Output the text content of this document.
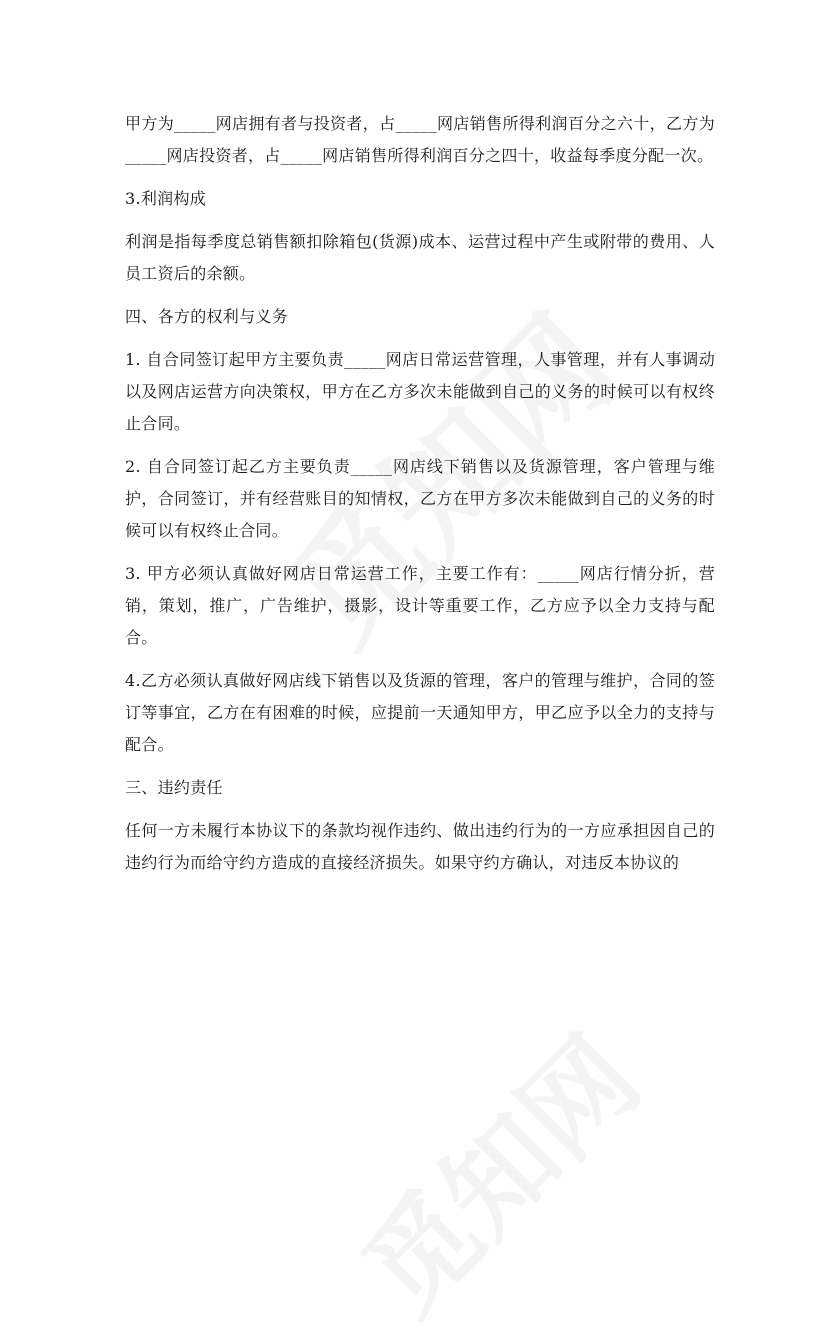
甲方为_____网店拥有者与投资者，占_____网店销售所得利润百分之六十，乙方为_____网店投资者，占_____网店销售所得利润百分之四十，收益每季度分配一次。

3.利润构成

利润是指每季度总销售额扣除箱包(货源)成本、运营过程中产生或附带的费用、人员工资后的余额。

四、各方的权利与义务

1. 自合同签订起甲方主要负责_____网店日常运营管理，人事管理，并有人事调动以及网店运营方向决策权，甲方在乙方多次未能做到自己的义务的时候可以有权终止合同。

2. 自合同签订起乙方主要负责_____网店线下销售以及货源管理，客户管理与维护，合同签订，并有经营账目的知情权，乙方在甲方多次未能做到自己的义务的时候可以有权终止合同。

3. 甲方必须认真做好网店日常运营工作，主要工作有：_____网店行情分折，营销，策划，推广，广告维护，摄影，设计等重要工作，乙方应予以全力支持与配合。

4.乙方必须认真做好网店线下销售以及货源的管理，客户的管理与维护，合同的签订等事宜，乙方在有困难的时候，应提前一天通知甲方，甲乙应予以全力的支持与配合。

三、违约责任

任何一方未履行本协议下的条款均视作违约、做出违约行为的一方应承担因自己的违约行为而给守约方造成的直接经济损失。如果守约方确认，对违反本协议的
